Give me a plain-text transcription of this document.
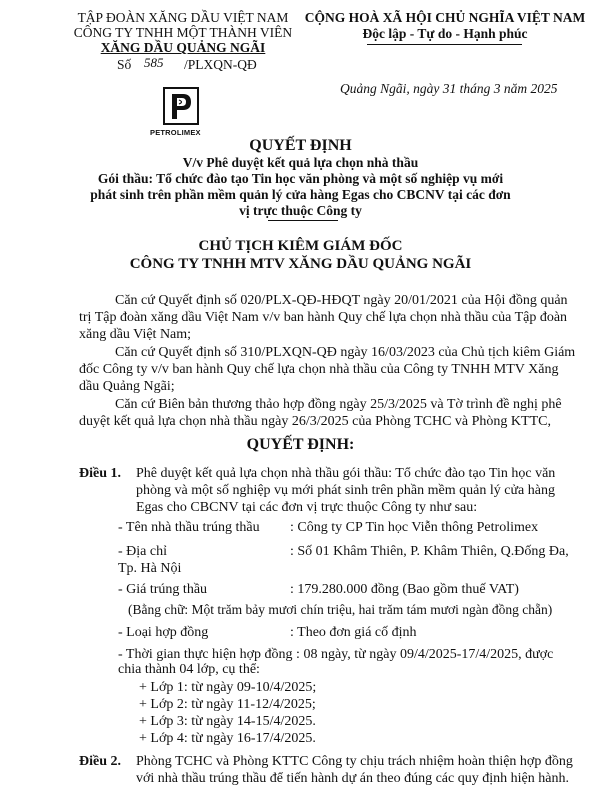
TẬP ĐOÀN XĂNG DẦU VIỆT NAM
CÔNG TY TNHH MỘT THÀNH VIÊN
XĂNG DẦU QUẢNG NGÃI
Số 585 /PLXQN-QĐ
CỘNG HOÀ XÃ HỘI CHỦ NGHĨA VIỆT NAM
Độc lập - Tự do - Hạnh phúc
Quảng Ngãi, ngày 31 tháng 3 năm 2025
PETROLIMEX
QUYẾT ĐỊNH
V/v Phê duyệt kết quả lựa chọn nhà thầu
Gói thầu: Tổ chức đào tạo Tin học văn phòng và một số nghiệp vụ mới
phát sinh trên phần mềm quản lý cửa hàng Egas cho CBCNV tại các đơn
vị trực thuộc Công ty
CHỦ TỊCH KIÊM GIÁM ĐỐC
CÔNG TY TNHH MTV XĂNG DẦU QUẢNG NGÃI
Căn cứ Quyết định số 020/PLX-QĐ-HĐQT ngày 20/01/2021 của Hội đồng quản
trị Tập đoàn xăng dầu Việt Nam v/v ban hành Quy chế lựa chọn nhà thầu của Tập đoàn
xăng dầu Việt Nam;
Căn cứ Quyết định số 310/PLXQN-QĐ ngày 16/03/2023 của Chủ tịch kiêm Giám
đốc Công ty v/v ban hành Quy chế lựa chọn nhà thầu của Công ty TNHH MTV Xăng
dầu Quảng Ngãi;
Căn cứ Biên bản thương thảo hợp đồng ngày 25/3/2025 và Tờ trình đề nghị phê
duyệt kết quả lựa chọn nhà thầu ngày 26/3/2025 của Phòng TCHC và Phòng KTTC,
QUYẾT ĐỊNH:
Điều 1. Phê duyệt kết quả lựa chọn nhà thầu gói thầu: Tổ chức đào tạo Tin học văn
phòng và một số nghiệp vụ mới phát sinh trên phần mềm quản lý cửa hàng
Egas cho CBCNV tại các đơn vị trực thuộc Công ty như sau:
- Tên nhà thầu trúng thầu : Công ty CP Tin học Viễn thông Petrolimex
- Địa chỉ	: Số 01 Khâm Thiên, P. Khâm Thiên, Q.Đống Đa,
Tp. Hà Nội
- Giá trúng thầu	: 179.280.000 đồng (Bao gồm thuế VAT)
(Bằng chữ: Một trăm bảy mươi chín triệu, hai trăm tám mươi ngàn đồng chẵn)
- Loại hợp đồng	: Theo đơn giá cố định
- Thời gian thực hiện hợp đồng : 08 ngày, từ ngày 09/4/2025-17/4/2025, được
chia thành 04 lớp, cụ thể:
+ Lớp 1: từ ngày 09-10/4/2025;
+ Lớp 2: từ ngày 11-12/4/2025;
+ Lớp 3: từ ngày 14-15/4/2025.
+ Lớp 4: từ ngày 16-17/4/2025.
Điều 2. Phòng TCHC và Phòng KTTC Công ty chịu trách nhiệm hoàn thiện hợp đồng
với nhà thầu trúng thầu để tiến hành dự án theo đúng các quy định hiện hành.
